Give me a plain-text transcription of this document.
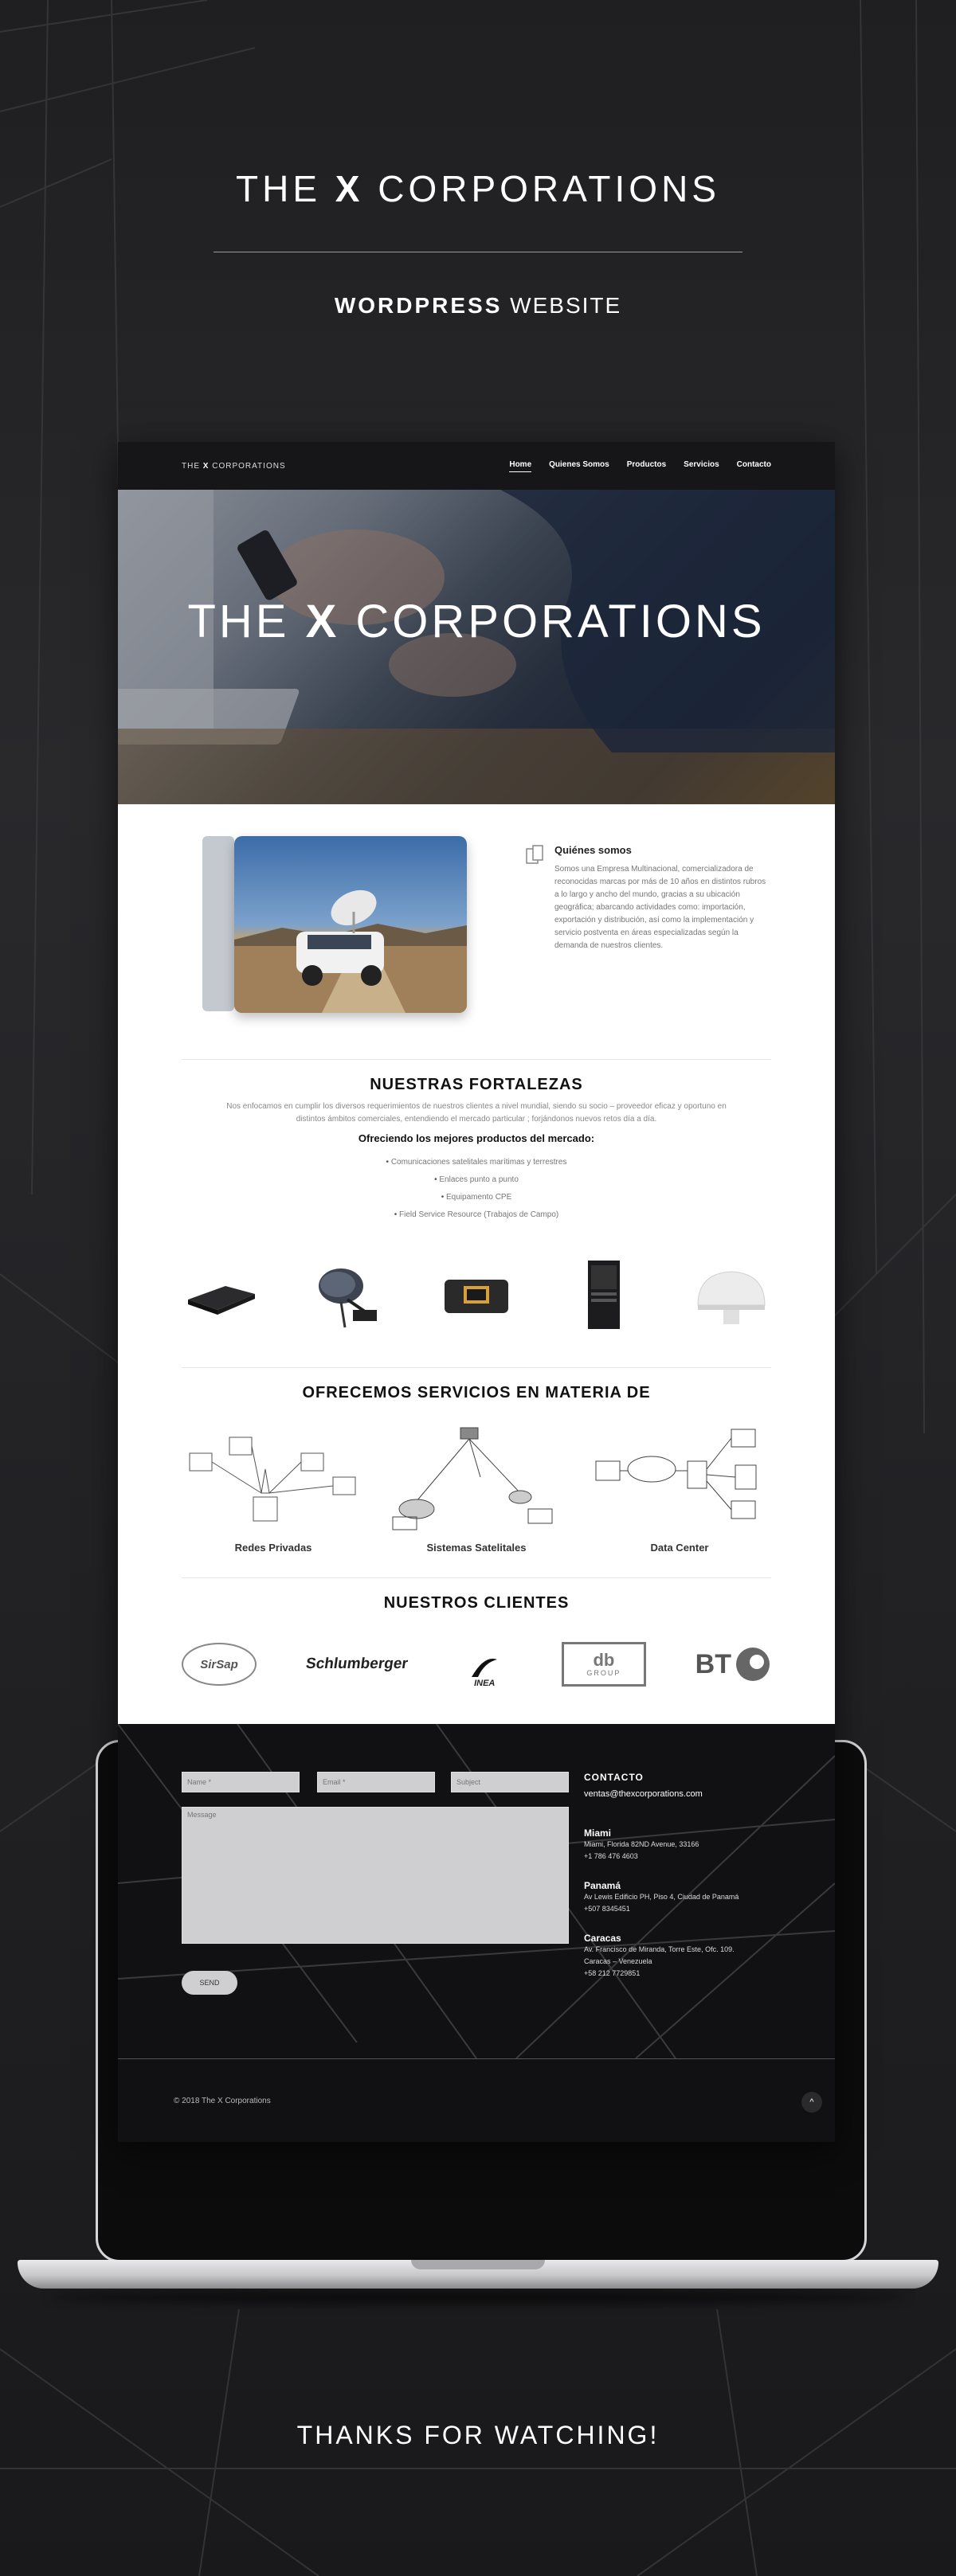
THE X CORPORATIONS
WORDPRESS WEBSITE
THE X CORPORATIONS	Home Quienes Somos Productos Servicios Contacto
THE X CORPORATIONS
Quiénes somos
Somos una Empresa Multinacional, comercializadora de reconocidas marcas por más de 10 años en distintos rubros a lo largo y ancho del mundo, gracias a su ubicación geográfica; abarcando actividades como: importación, exportación y distribución, así como la implementación y servicio postventa en áreas especializadas según la demanda de nuestros clientes.
NUESTRAS FORTALEZAS
Nos enfocamos en cumplir los diversos requerimientos de nuestros clientes a nivel mundial, siendo su socio – proveedor eficaz y oportuno en distintos ámbitos comerciales, entendiendo el mercado particular ; forjándonos nuevos retos día a día.
Ofreciendo los mejores productos del mercado:
• Comunicaciones satelitales marítimas y terrestres
• Enlaces punto a punto
• Equipamento CPE
• Field Service Resource (Trabajos de Campo)
OFRECEMOS SERVICIOS EN MATERIA DE
Redes Privadas	Sistemas Satelitales	Data Center
NUESTROS CLIENTES
SirSap	Schlumberger
INEA
db
GROUP	BT
Name *
Email *
Subject
Message
SEND
CONTACTO
ventas@thexcorporations.com
Miami
Miami, Florida 82ND Avenue, 33166
+1 786 476 4603
Panamá
Av Lewis Edificio PH, Piso 4, Ciudad de Panamá
+507 8345451
Caracas
Av. Francisco de Miranda, Torre Este, Ofc. 109.
Caracas – Venezuela
+58 212 7729851
© 2018 The X Corporations	^
THANKS FOR WATCHING!
